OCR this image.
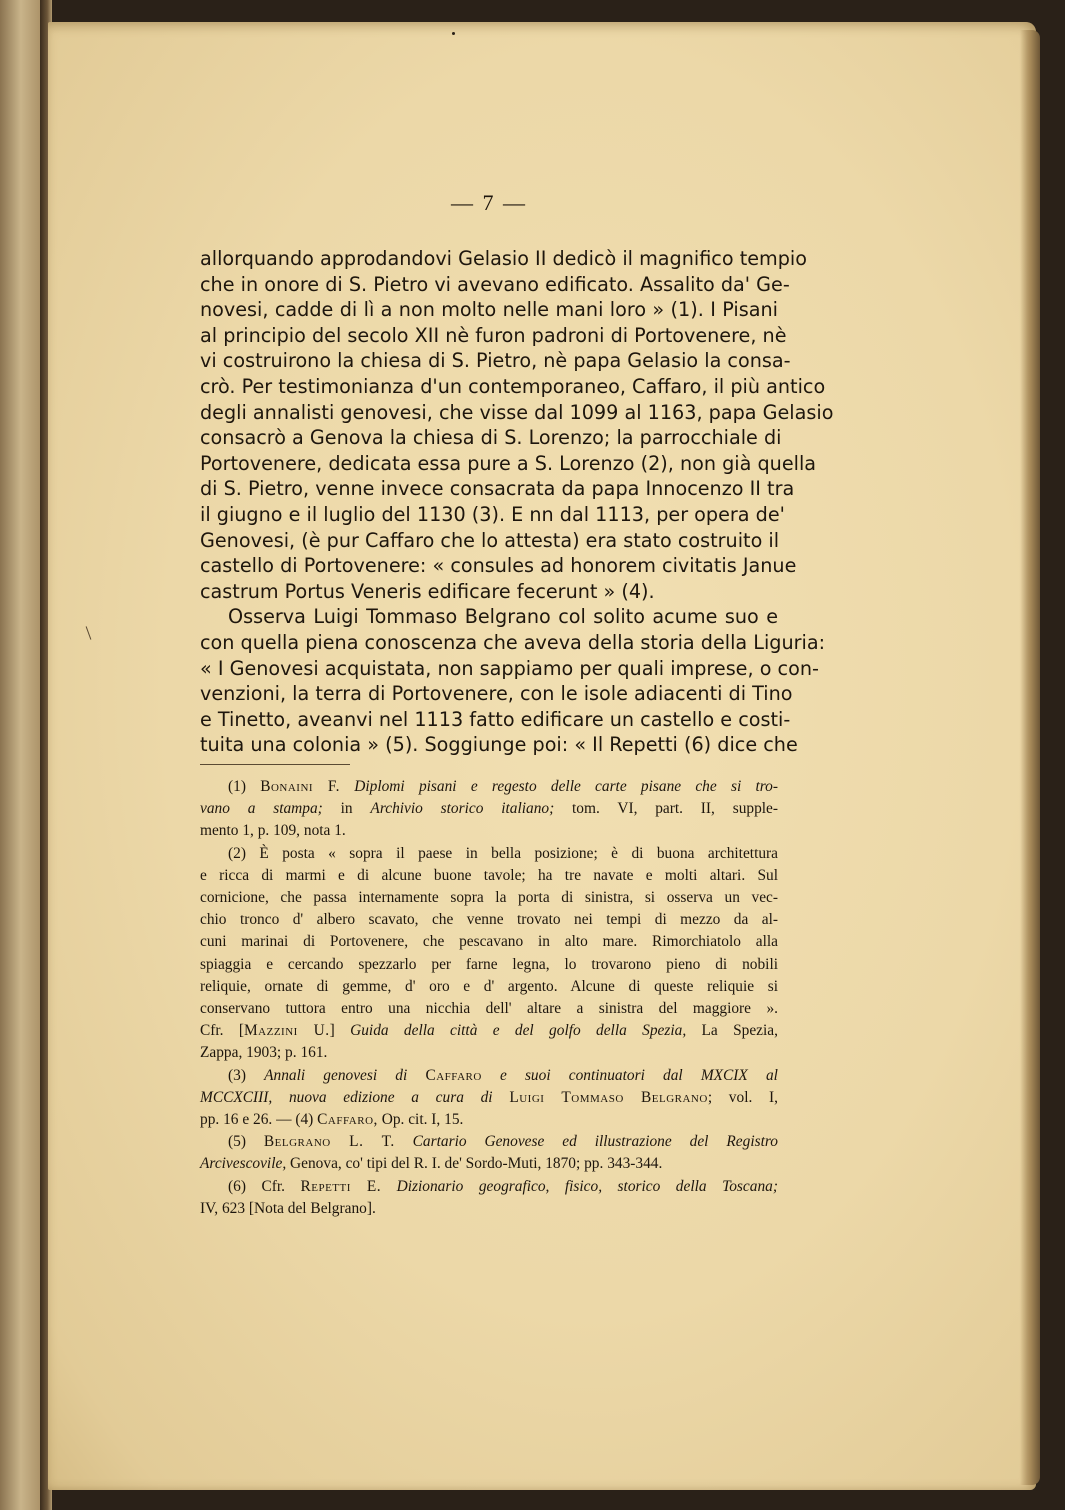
— 7 —
allorquando approdandovi Gelasio II dedicò il magnifico tempio
che in onore di S. Pietro vi avevano edificato. Assalito da' Ge-
novesi, cadde di lì a non molto nelle mani loro » (1). I Pisani
al principio del secolo XII nè furon padroni di Portovenere, nè
vi costruirono la chiesa di S. Pietro, nè papa Gelasio la consa-
crò. Per testimonianza d'un contemporaneo, Caffaro, il più antico
degli annalisti genovesi, che visse dal 1099 al 1163, papa Gelasio
consacrò a Genova la chiesa di S. Lorenzo; la parrocchiale di
Portovenere, dedicata essa pure a S. Lorenzo (2), non già quella
di S. Pietro, venne invece consacrata da papa Innocenzo II tra
il giugno e il luglio del 1130 (3). E nn dal 1113, per opera de'
Genovesi, (è pur Caffaro che lo attesta) era stato costruito il
castello di Portovenere: « consules ad honorem civitatis Janue
castrum Portus Veneris edificare fecerunt » (4).
Osserva Luigi Tommaso Belgrano col solito acume suo e
con quella piena conoscenza che aveva della storia della Liguria:
« I Genovesi acquistata, non sappiamo per quali imprese, o con-
venzioni, la terra di Portovenere, con le isole adiacenti di Tino
e Tinetto, aveanvi nel 1113 fatto edificare un castello e costi-
tuita una colonia » (5). Soggiunge poi: « Il Repetti (6) dice che
(1) Bonaini F. Diplomi pisani e regesto delle carte pisane che si tro-
vano a stampa; in Archivio storico italiano; tom. VI, part. II, supple-
mento 1, p. 109, nota 1.
(2) È posta « sopra il paese in bella posizione; è di buona architettura
e ricca di marmi e di alcune buone tavole; ha tre navate e molti altari. Sul
cornicione, che passa internamente sopra la porta di sinistra, si osserva un vec-
chio tronco d' albero scavato, che venne trovato nei tempi di mezzo da al-
cuni marinai di Portovenere, che pescavano in alto mare. Rimorchiatolo alla
spiaggia e cercando spezzarlo per farne legna, lo trovarono pieno di nobili
reliquie, ornate di gemme, d' oro e d' argento. Alcune di queste reliquie si
conservano tuttora entro una nicchia dell' altare a sinistra del maggiore ».
Cfr. [Mazzini U.] Guida della città e del golfo della Spezia, La Spezia,
Zappa, 1903; p. 161.
(3) Annali genovesi di Caffaro e suoi continuatori dal MXCIX al
MCCXCIII, nuova edizione a cura di Luigi Tommaso Belgrano; vol. I,
pp. 16 e 26. — (4) Caffaro, Op. cit. I, 15.
(5) Belgrano L. T. Cartario Genovese ed illustrazione del Registro
Arcivescovile, Genova, co' tipi del R. I. de' Sordo-Muti, 1870; pp. 343-344.
(6) Cfr. Repetti E. Dizionario geografico, fisico, storico della Toscana;
IV, 623 [Nota del Belgrano].
